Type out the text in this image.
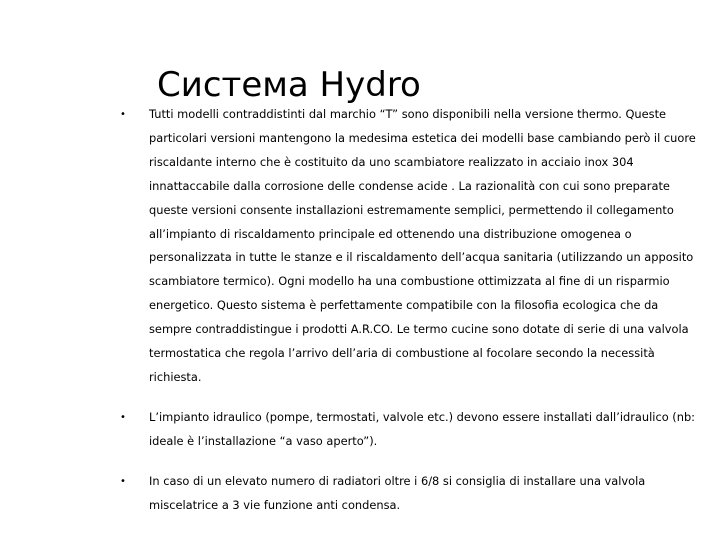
Система Hydro
• Tutti modelli contraddistinti dal marchio “T” sono disponibili nella versione thermo. Queste
particolari versioni mantengono la medesima estetica dei modelli base cambiando però il cuore
riscaldante interno che è costituito da uno scambiatore realizzato in acciaio inox 304
innattaccabile dalla corrosione delle condense acide . La razionalità con cui sono preparate
queste versioni consente installazioni estremamente semplici, permettendo il collegamento
all’impianto di riscaldamento principale ed ottenendo una distribuzione omogenea o
personalizzata in tutte le stanze e il riscaldamento dell’acqua sanitaria (utilizzando un apposito
scambiatore termico). Ogni modello ha una combustione ottimizzata al fine di un risparmio
energetico. Questo sistema è perfettamente compatibile con la filosofia ecologica che da
sempre contraddistingue i prodotti A.R.CO. Le termo cucine sono dotate di serie di una valvola
termostatica che regola l’arrivo dell’aria di combustione al focolare secondo la necessità
richiesta.
• L’impianto idraulico (pompe, termostati, valvole etc.) devono essere installati dall’idraulico (nb:
ideale è l’installazione “a vaso aperto”).
• In caso di un elevato numero di radiatori oltre i 6/8 si consiglia di installare una valvola
miscelatrice a 3 vie funzione anti condensa.
